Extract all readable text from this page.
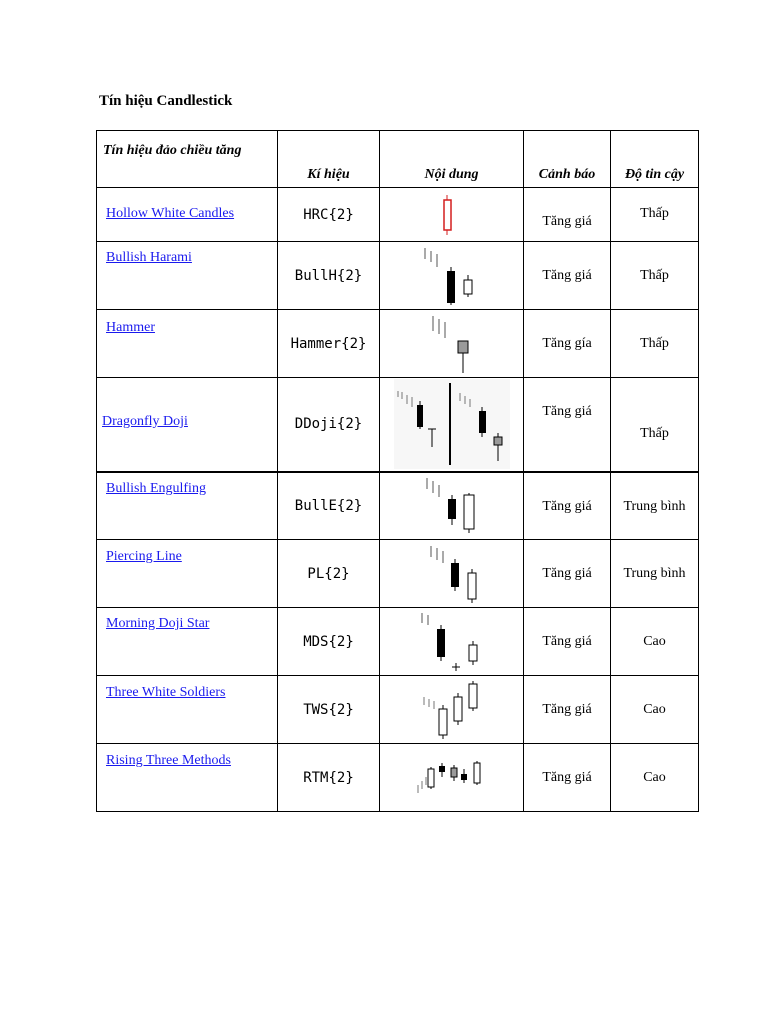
Tín hiệu Candlestick
Tín hiệu đảo chiều tăng	Kí hiệu	Nội dung	Cảnh báo	Độ tin cậy
Hollow White Candles	HRC{2}		Tăng giá	Thấp
Bullish Harami	BullH{2}		Tăng giá	Thấp
Hammer	Hammer{2}		Tăng gía	Thấp
Dragonfly Doji	DDoji{2}		Tăng giá	Thấp
Bullish Engulfing	BullE{2}		Tăng giá	Trung bình
Piercing Line	PL{2}		Tăng giá	Trung bình
Morning Doji Star	MDS{2}		Tăng giá	Cao
Three White Soldiers	TWS{2}		Tăng giá	Cao
Rising Three Methods	RTM{2}		Tăng giá	Cao
